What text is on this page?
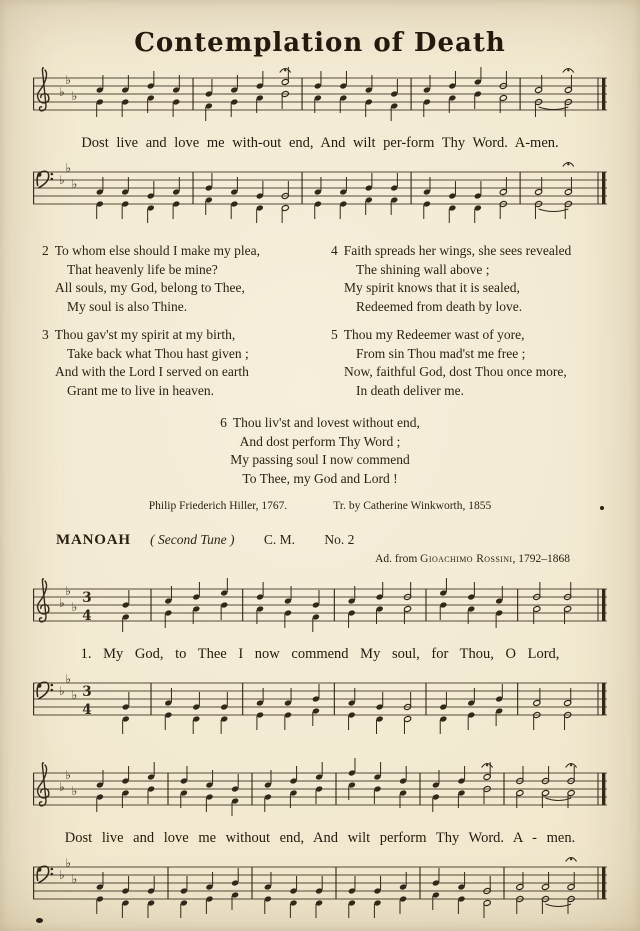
Contemplation of Death
♭
♭
♭
Dost live and love me with-out end, And wilt per-form Thy Word. A-men.
♭
♭
♭

2 To whom else should I make my plea,

That heavenly life be mine?

All souls, my God, belong to Thee,

My soul is also Thine.

4 Faith spreads her wings, she sees revealed

The shining wall above ;

My spirit knows that it is sealed,

Redeemed from death by love.

3 Thou gav'st my spirit at my birth,

Take back what Thou hast given ;

And with the Lord I served on earth

Grant me to live in heaven.

5 Thou my Redeemer wast of yore,

From sin Thou mad'st me free ;

Now, faithful God, dost Thou once more,

In death deliver me.

6 Thou liv'st and lovest without end,

And dost perform Thy Word ;

My passing soul I now commend

To Thee, my God and Lord !

Philip Friederich Hiller, 1767.	Tr. by Catherine Winkworth, 1855

MANOAH ( Second Tune ) C. M. No. 2

Ad. from Gioachimo Rossini, 1792–1868

♭
♭
♭
3
4
1. My God, to Thee I now commend My soul, for Thou, O Lord,
♭
♭
♭ 3
4
♭
♭
♭
Dost live and love me without end, And wilt perform Thy Word. A - men.
♭
♭
♭
